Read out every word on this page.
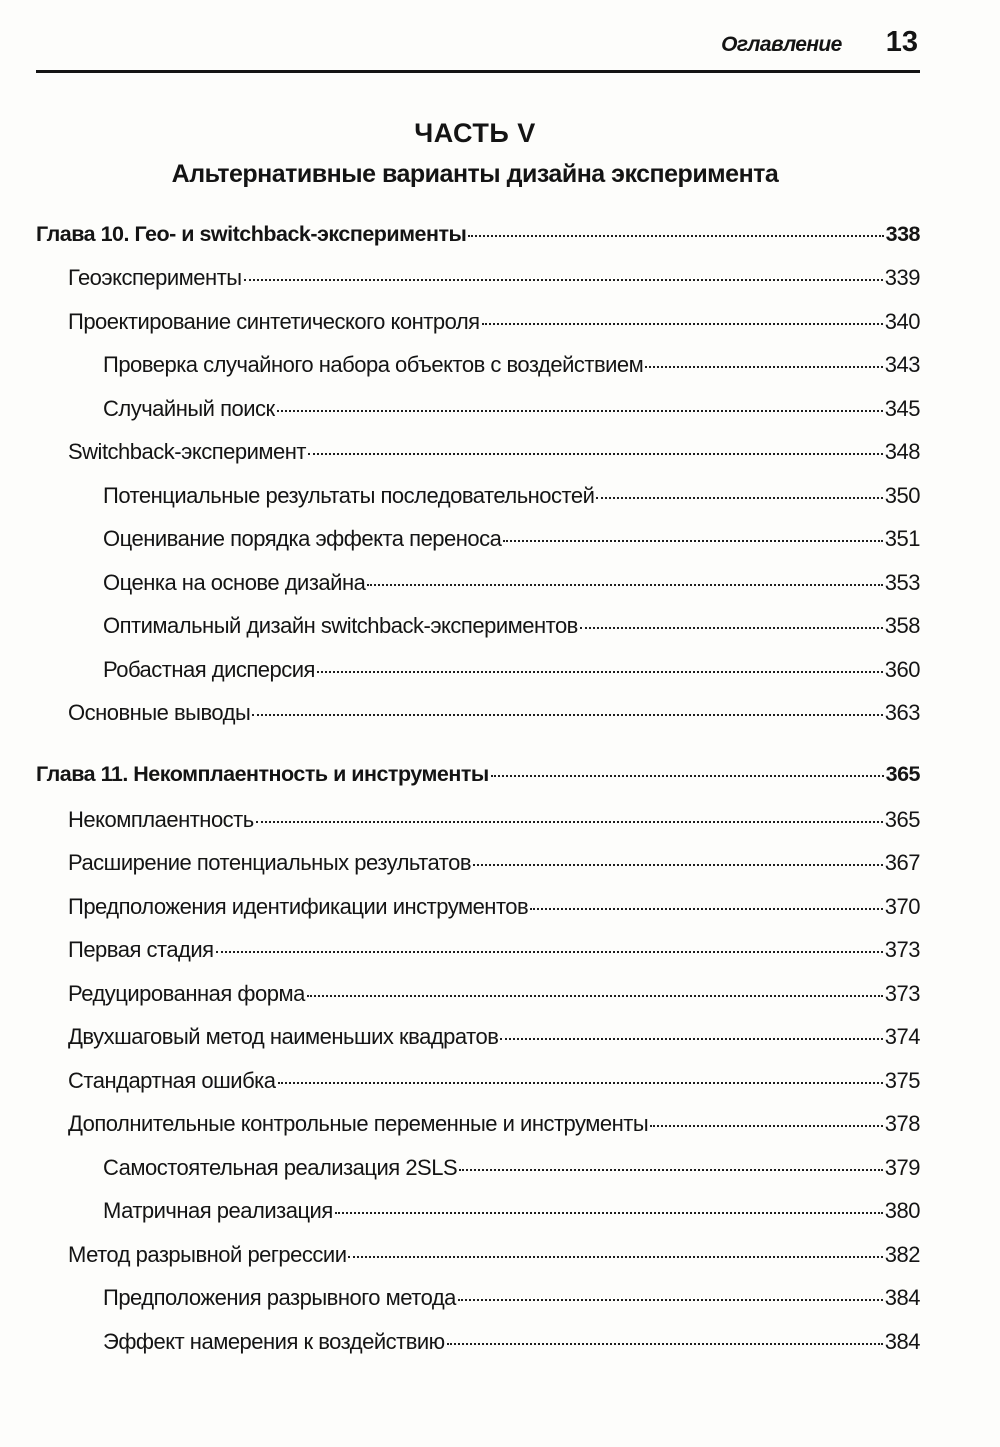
Оглавление 13
ЧАСТЬ V
Альтернативные варианты дизайна эксперимента
Глава 10. Гео- и switchback-эксперименты	338
Геоэксперименты	339
Проектирование синтетического контроля	340
Проверка случайного набора объектов с воздействием	343
Случайный поиск	345
Switchback-эксперимент	348
Потенциальные результаты последовательностей	350
Оценивание порядка эффекта переноса	351
Оценка на основе дизайна	353
Оптимальный дизайн switchback-экспериментов	358
Робастная дисперсия	360
Основные выводы	363
Глава 11. Некомплаентность и инструменты	365
Некомплаентность	365
Расширение потенциальных результатов	367
Предположения идентификации инструментов	370
Первая стадия	373
Редуцированная форма	373
Двухшаговый метод наименьших квадратов	374
Стандартная ошибка	375
Дополнительные контрольные переменные и инструменты	378
Самостоятельная реализация 2SLS	379
Матричная реализация	380
Метод разрывной регрессии	382
Предположения разрывного метода	384
Эффект намерения к воздействию	384
